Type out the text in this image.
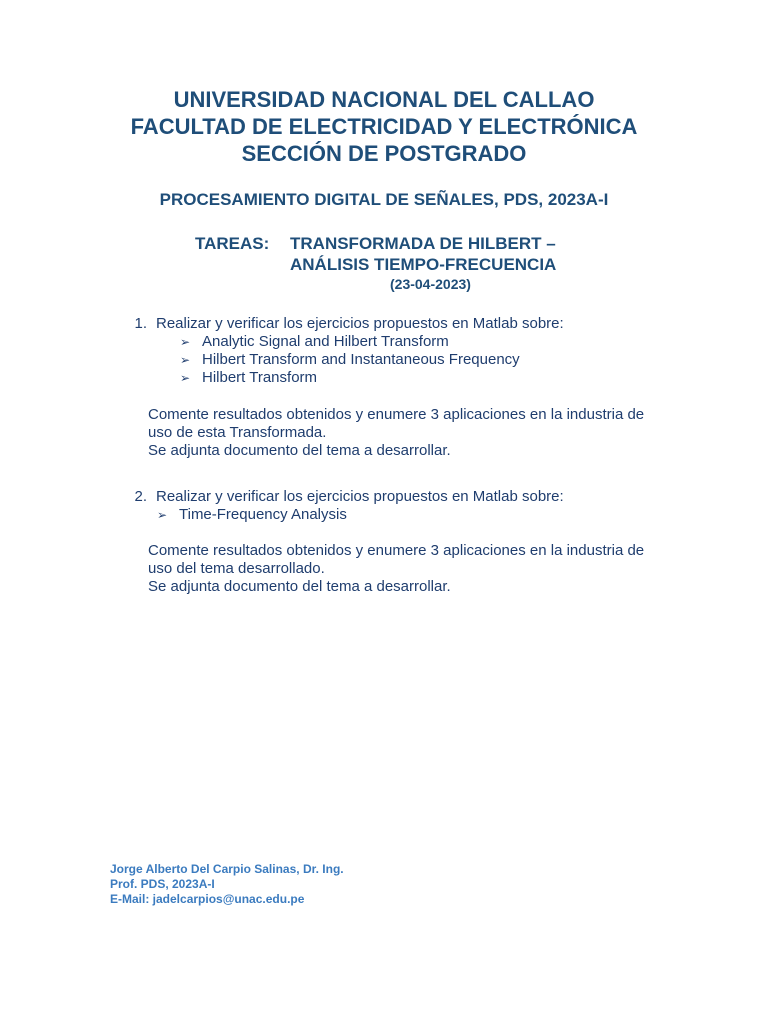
UNIVERSIDAD NACIONAL DEL CALLAO
FACULTAD DE ELECTRICIDAD Y ELECTRÓNICA
SECCIÓN DE POSTGRADO
PROCESAMIENTO DIGITAL DE SEÑALES, PDS, 2023A-I
TAREAS: TRANSFORMADA DE HILBERT –
ANÁLISIS TIEMPO-FRECUENCIA
(23-04-2023)
1. Realizar y verificar los ejercicios propuestos en Matlab sobre:
➢ Analytic Signal and Hilbert Transform
➢ Hilbert Transform and Instantaneous Frequency
➢ Hilbert Transform
Comente resultados obtenidos y enumere 3 aplicaciones en la industria de
uso de esta Transformada.
Se adjunta documento del tema a desarrollar.
2. Realizar y verificar los ejercicios propuestos en Matlab sobre:
➢ Time-Frequency Analysis
Comente resultados obtenidos y enumere 3 aplicaciones en la industria de
uso del tema desarrollado.
Se adjunta documento del tema a desarrollar.
Jorge Alberto Del Carpio Salinas, Dr. Ing.
Prof. PDS, 2023A-I
E-Mail: jadelcarpios@unac.edu.pe
